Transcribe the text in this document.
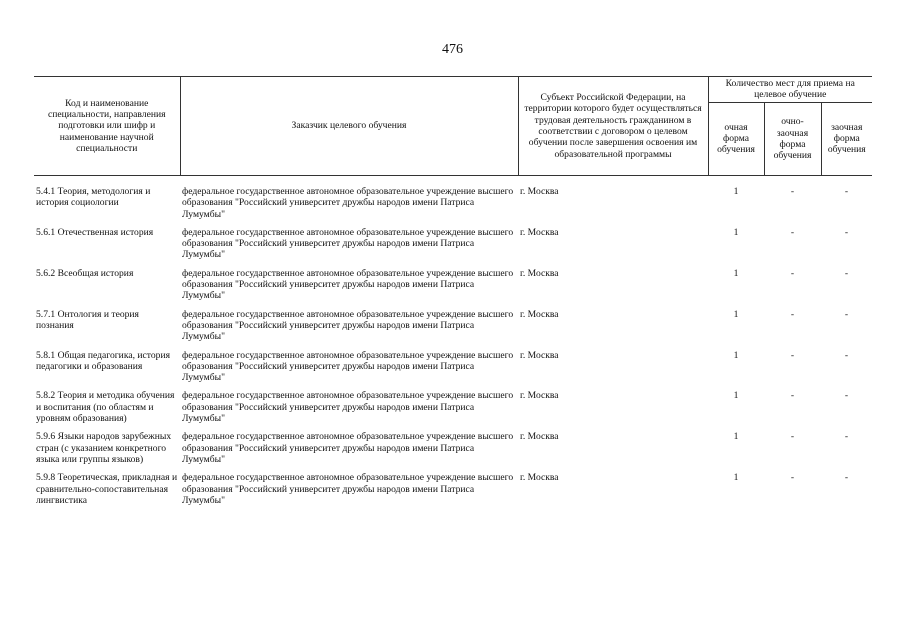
476
Код и наименование специальности, направления подготовки или шифр и наименование научной специальности	Заказчик целевого обучения	Субъект Российской Федерации, на территории которого будет осуществляться трудовая деятельность гражданином в соответствии с договором о целевом обучении после завершения освоения им образовательной программы	Количество мест для приема на целевое обучение		
			очная форма обучения	очно-заочная форма обучения	заочная форма обучения

5.4.1 Теория, методология и история социологии	федеральное государственное автономное образовательное учреждение высшего образования "Российский университет дружбы народов имени Патриса Лумумбы"	г. Москва	1	-	-
5.6.1 Отечественная история	федеральное государственное автономное образовательное учреждение высшего образования "Российский университет дружбы народов имени Патриса Лумумбы"	г. Москва	1	-	-
5.6.2 Всеобщая история	федеральное государственное автономное образовательное учреждение высшего образования "Российский университет дружбы народов имени Патриса Лумумбы"	г. Москва	1	-	-
5.7.1 Онтология и теория познания	федеральное государственное автономное образовательное учреждение высшего образования "Российский университет дружбы народов имени Патриса Лумумбы"	г. Москва	1	-	-
5.8.1 Общая педагогика, история педагогики и образования	федеральное государственное автономное образовательное учреждение высшего образования "Российский университет дружбы народов имени Патриса Лумумбы"	г. Москва	1	-	-
5.8.2 Теория и методика обучения и воспитания (по областям и уровням образования)	федеральное государственное автономное образовательное учреждение высшего образования "Российский университет дружбы народов имени Патриса Лумумбы"	г. Москва	1	-	-
5.9.6 Языки народов зарубежных стран (с указанием конкретного языка или группы языков)	федеральное государственное автономное образовательное учреждение высшего образования "Российский университет дружбы народов имени Патриса Лумумбы"	г. Москва	1	-	-
5.9.8 Теоретическая, прикладная и сравнительно-сопоставительная лингвистика	федеральное государственное автономное образовательное учреждение высшего образования "Российский университет дружбы народов имени Патриса Лумумбы"	г. Москва	1	-	-
